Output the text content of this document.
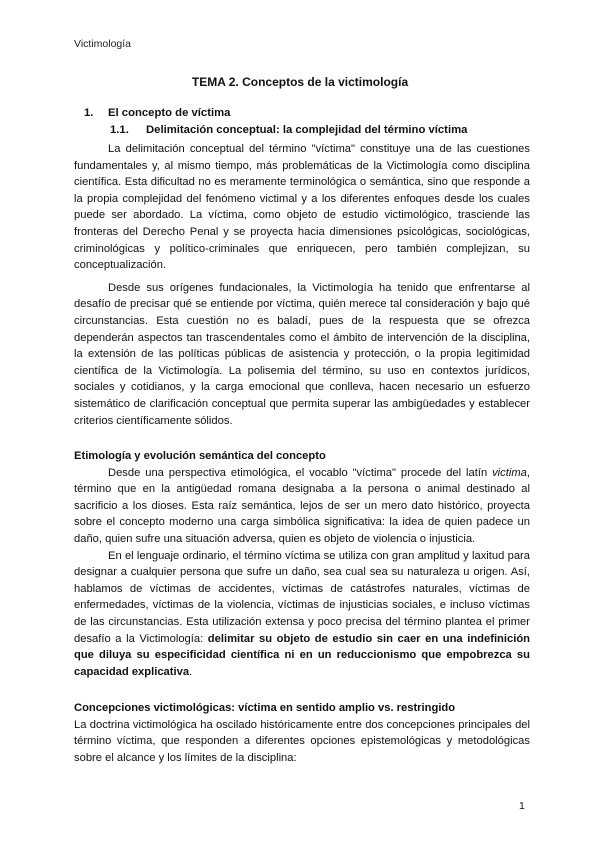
Victimología
TEMA 2. Conceptos de la victimología
1. El concepto de víctima
1.1. Delimitación conceptual: la complejidad del término víctima

La delimitación conceptual del término "víctima" constituye una de las cuestiones fundamentales y, al mismo tiempo, más problemáticas de la Victimología como disciplina científica. Esta dificultad no es meramente terminológica o semántica, sino que responde a la propia complejidad del fenómeno victimal y a los diferentes enfoques desde los cuales puede ser abordado. La víctima, como objeto de estudio victimológico, trasciende las fronteras del Derecho Penal y se proyecta hacia dimensiones psicológicas, sociológicas, criminológicas y político-criminales que enriquecen, pero también complejizan, su conceptualización.

Desde sus orígenes fundacionales, la Victimología ha tenido que enfrentarse al desafío de precisar qué se entiende por víctima, quién merece tal consideración y bajo qué circunstancias. Esta cuestión no es baladí, pues de la respuesta que se ofrezca dependerán aspectos tan trascendentales como el ámbito de intervención de la disciplina, la extensión de las políticas públicas de asistencia y protección, o la propia legitimidad científica de la Victimología. La polisemia del término, su uso en contextos jurídicos, sociales y cotidianos, y la carga emocional que conlleva, hacen necesario un esfuerzo sistemático de clarificación conceptual que permita superar las ambigüedades y establecer criterios científicamente sólidos.

Etimología y evolución semántica del concepto

Desde una perspectiva etimológica, el vocablo "víctima" procede del latín victima, término que en la antigüedad romana designaba a la persona o animal destinado al sacrificio a los dioses. Esta raíz semántica, lejos de ser un mero dato histórico, proyecta sobre el concepto moderno una carga simbólica significativa: la idea de quien padece un daño, quien sufre una situación adversa, quien es objeto de violencia o injusticia.

En el lenguaje ordinario, el término víctima se utiliza con gran amplitud y laxitud para designar a cualquier persona que sufre un daño, sea cual sea su naturaleza u origen. Así, hablamos de víctimas de accidentes, víctimas de catástrofes naturales, víctimas de enfermedades, víctimas de la violencia, víctimas de injusticias sociales, e incluso víctimas de las circunstancias. Esta utilización extensa y poco precisa del término plantea el primer desafío a la Victimología: delimitar su objeto de estudio sin caer en una indefinición que diluya su especificidad científica ni en un reduccionismo que empobrezca su capacidad explicativa.

Concepciones victimológicas: víctima en sentido amplio vs. restringido

La doctrina victimológica ha oscilado históricamente entre dos concepciones principales del término víctima, que responden a diferentes opciones epistemológicas y metodológicas sobre el alcance y los límites de la disciplina:

1
